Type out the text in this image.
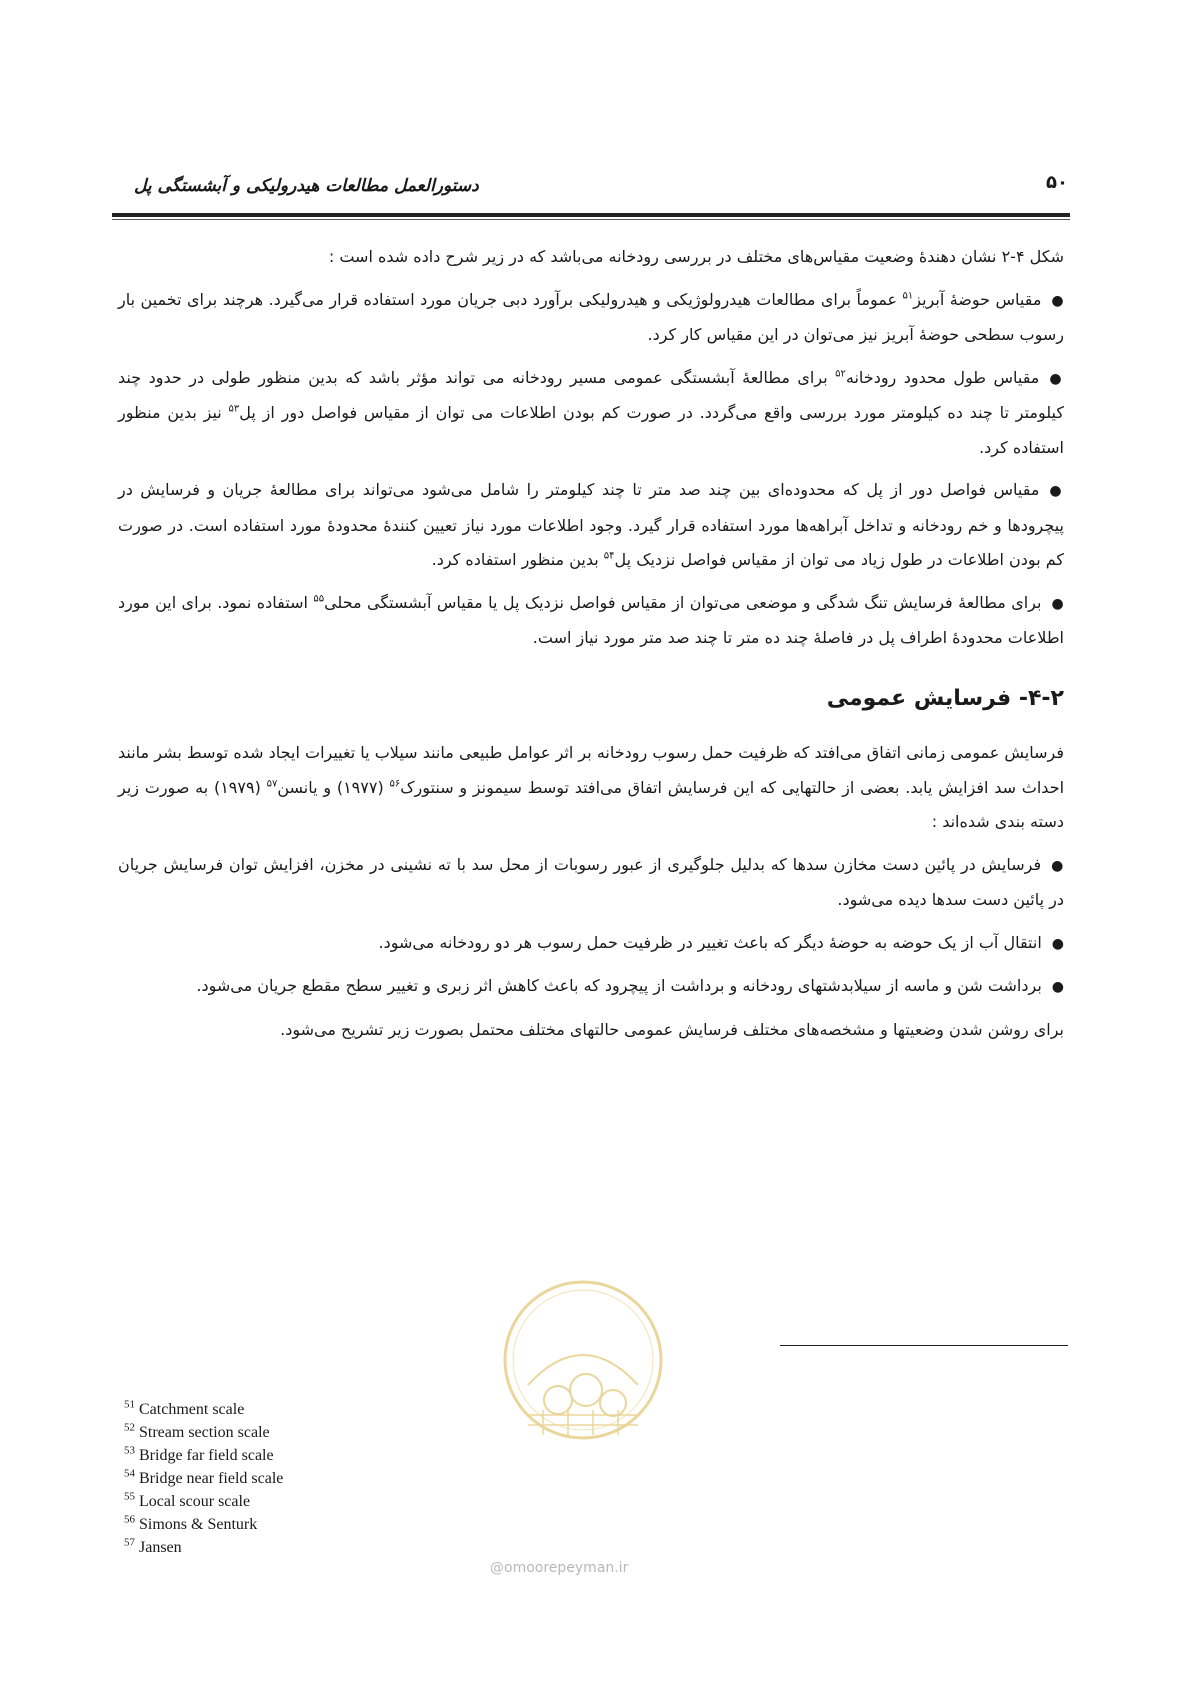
۵۰
دستورالعمل مطالعات هیدرولیکی و آبشستگی پل

شکل ۴-۲ نشان دهندهٔ وضعیت مقیاس‌های مختلف در بررسی رودخانه می‌باشد که در زیر شرح داده شده است :

●مقیاس حوضهٔ آبریز$^{۵۱}$ عموماً برای مطالعات هیدرولوژیکی و هیدرولیکی برآورد دبی جریان مورد استفاده قرار می‌گیرد. هرچند برای تخمین بار رسوب سطحی حوضهٔ آبریز نیز می‌توان در این مقیاس کار کرد.

●مقیاس طول محدود رودخانه$^{۵۲}$ برای مطالعهٔ آبشستگی عمومی مسیر رودخانه می تواند مؤثر باشد که بدین منظور طولی در حدود چند کیلومتر تا چند ده کیلومتر مورد بررسی واقع می‌گردد. در صورت کم بودن اطلاعات می توان از مقیاس فواصل دور از پل$^{۵۳}$ نیز بدین منظور استفاده کرد.

●مقیاس فواصل دور از پل که محدوده‌ای بین چند صد متر تا چند کیلومتر را شامل می‌شود می‌تواند برای مطالعهٔ جریان و فرسایش در پیچرودها و خم رودخانه و تداخل آبراهه‌ها مورد استفاده قرار گیرد. وجود اطلاعات مورد نیاز تعیین کنندهٔ محدودهٔ مورد استفاده است. در صورت کم بودن اطلاعات در طول زیاد می توان از مقیاس فواصل نزدیک پل$^{۵۴}$ بدین منظور استفاده کرد.

●برای مطالعهٔ فرسایش تنگ شدگی و موضعی می‌توان از مقیاس فواصل نزدیک پل یا مقیاس آبشستگی محلی$^{۵۵}$ استفاده نمود. برای این مورد اطلاعات محدودهٔ اطراف پل در فاصلهٔ چند ده متر تا چند صد متر مورد نیاز است.

۴-۲- فرسایش عمومی

فرسایش عمومی زمانی اتفاق می‌افتد که ظرفیت حمل رسوب رودخانه بر اثر عوامل طبیعی مانند سیلاب یا تغییرات ایجاد شده توسط بشر مانند احداث سد افزایش یابد. بعضی از حالتهایی که این فرسایش اتفاق می‌افتد توسط سیمونز و سنتورک$^{۵۶}$ (۱۹۷۷) و یانسن$^{۵۷}$ (۱۹۷۹) به صورت زیر دسته بندی شده‌اند :

●فرسایش در پائین دست مخازن سدها که بدلیل جلوگیری از عبور رسوبات از محل سد با ته نشینی در مخزن، افزایش توان فرسایش جریان در پائین دست سدها دیده می‌شود.

●انتقال آب از یک حوضه به حوضهٔ دیگر که باعث تغییر در ظرفیت حمل رسوب هر دو رودخانه می‌شود.

●برداشت شن و ماسه از سیلابدشتهای رودخانه و برداشت از پیچرود که باعث کاهش اثر زبری و تغییر سطح مقطع جریان می‌شود.

برای روشن شدن وضعیتها و مشخصه‌های مختلف فرسایش عمومی حالتهای مختلف محتمل بصورت زیر تشریح می‌شود.

@omoorepeyman.ir
$^{51}$ Catchment scale
$^{52}$ Stream section scale
$^{53}$ Bridge far field scale
$^{54}$ Bridge near field scale
$^{55}$ Local scour scale
$^{56}$ Simons & Senturk
$^{57}$ Jansen
